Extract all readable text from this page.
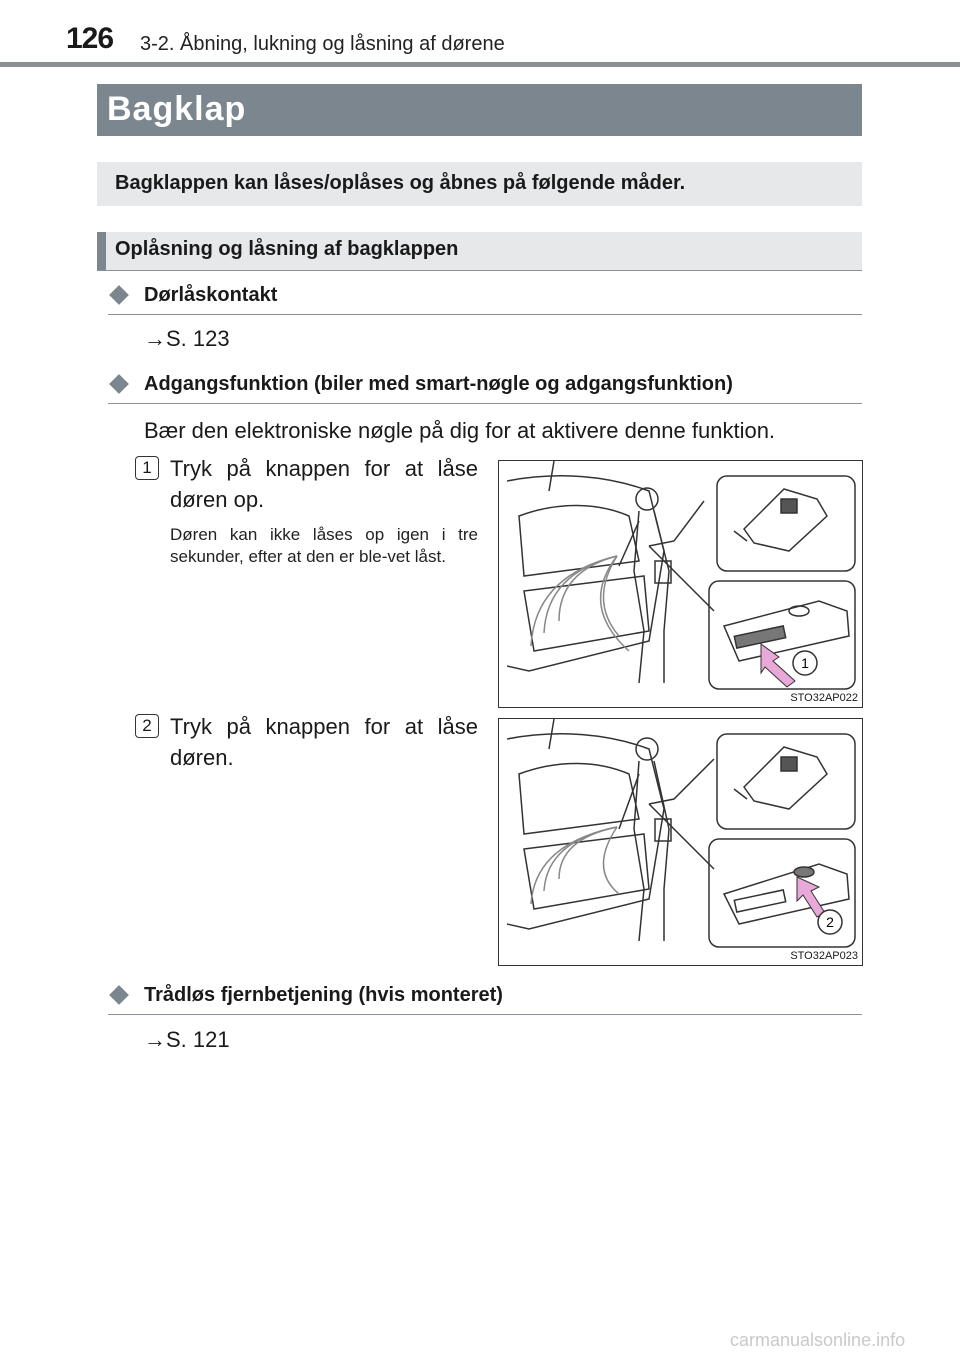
126 3-2. Åbning, lukning og låsning af dørene
Bagklap
Bagklappen kan låses/oplåses og åbnes på følgende måder.
Oplåsning og låsning af bagklappen
Dørlåskontakt
→S. 123
Adgangsfunktion (biler med smart-nøgle og adgangsfunktion)
Bær den elektroniske nøgle på dig for at aktivere denne funktion.
1 Tryk på knappen for at låse døren op.
Døren kan ikke låses op igen i tre sekunder, efter at den er ble-vet låst.
1
STO32AP022
2 Tryk på knappen for at låse døren.
2
STO32AP023
Trådløs fjernbetjening (hvis monteret)
→S. 121
carmanualsonline.info
